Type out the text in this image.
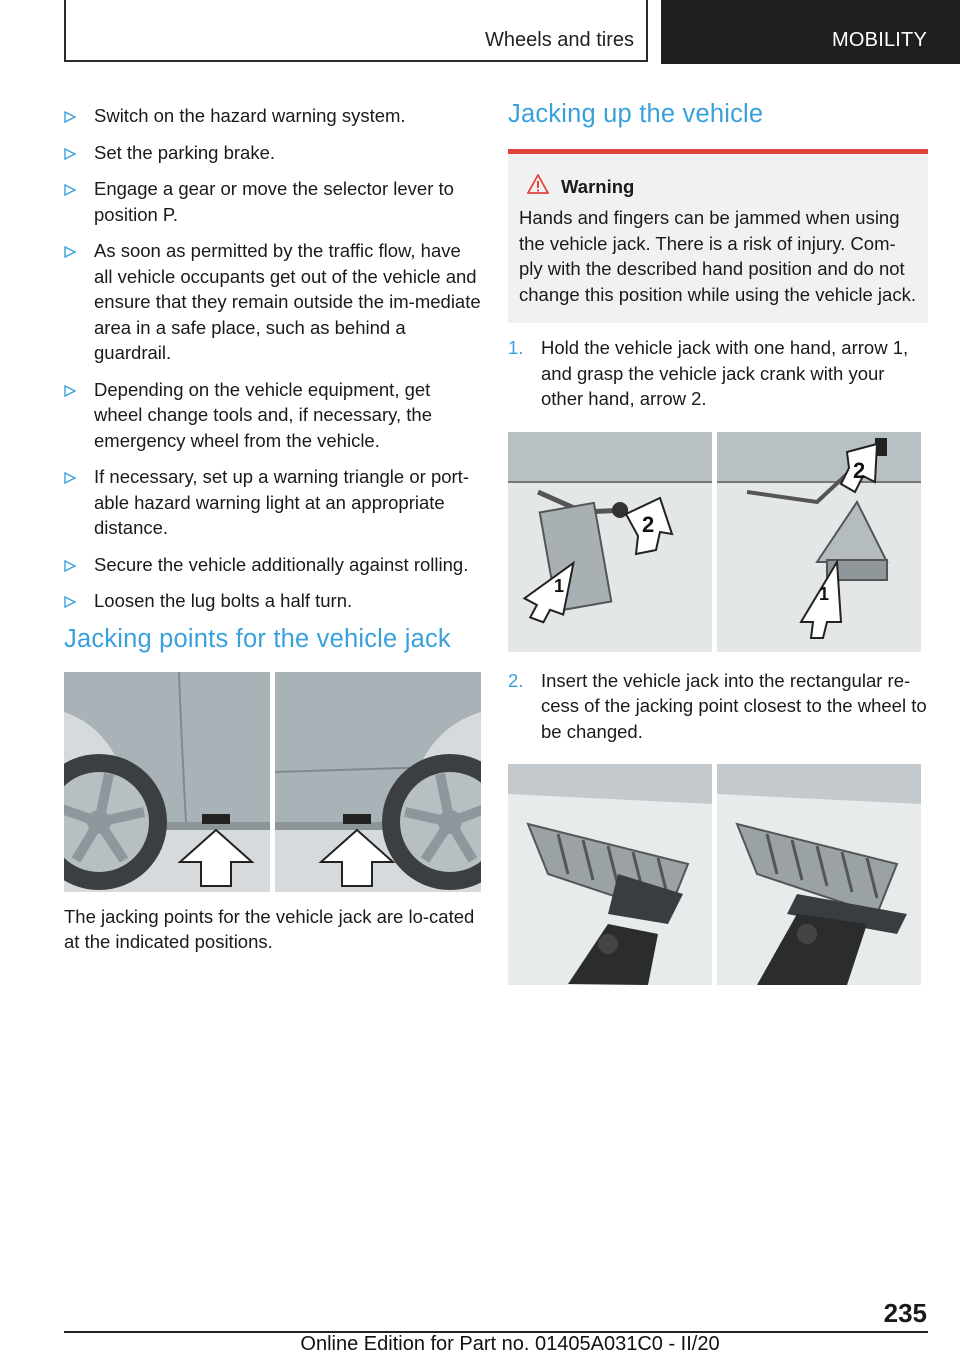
Wheels and tires	MOBILITY
Switch on the hazard warning system.
Set the parking brake.
Engage a gear or move the selector lever to position P.
As soon as permitted by the traffic flow, have all vehicle occupants get out of the vehicle and ensure that they remain outside the im-mediate area in a safe place, such as behind a guardrail.
Depending on the vehicle equipment, get wheel change tools and, if necessary, the emergency wheel from the vehicle.
If necessary, set up a warning triangle or port-able hazard warning light at an appropriate distance.
Secure the vehicle additionally against rolling.
Loosen the lug bolts a half turn.
Jacking points for the vehicle jack

The jacking points for the vehicle jack are lo-cated at the indicated positions.

Jacking up the vehicle
Warning
Hands and fingers can be jammed when using the vehicle jack. There is a risk of injury. Com-ply with the described hand position and do not change this position while using the vehicle jack.
1. Hold the vehicle jack with one hand, arrow 1, and grasp the vehicle jack crank with your other hand, arrow 2.
2
1
2
1
2. Insert the vehicle jack into the rectangular re-cess of the jacking point closest to the wheel to be changed.
235
Online Edition for Part no. 01405A031C0 - II/20
